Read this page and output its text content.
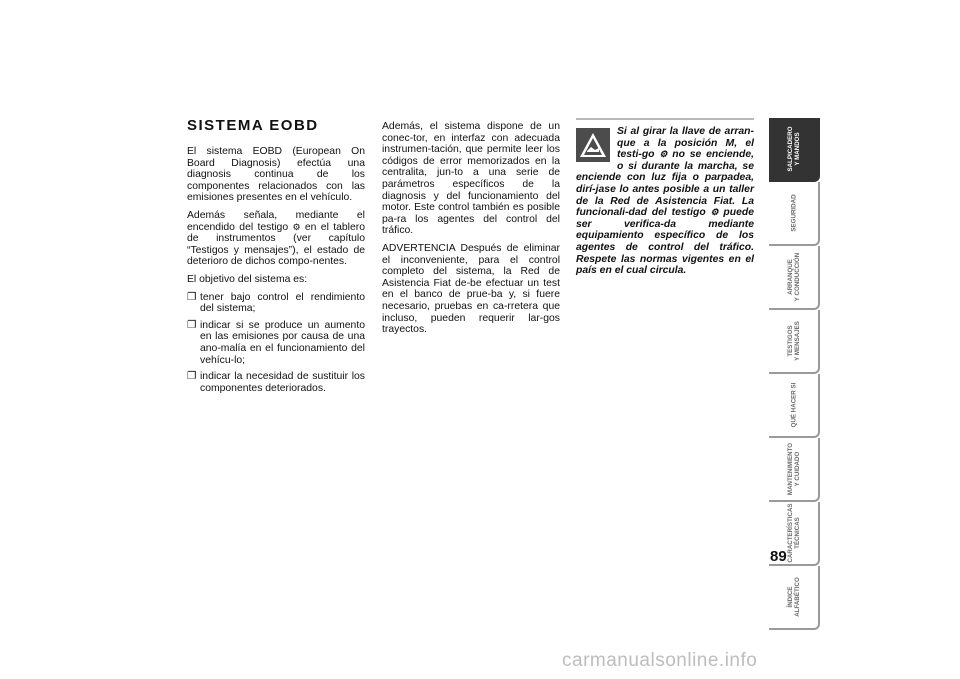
SISTEMA EOBD

El sistema EOBD (European On Board Diagnosis) efectúa una diagnosis continua de los componentes relacionados con las emisiones presentes en el vehículo.

Además señala, mediante el encendido del testigo ⚙ en el tablero de instrumentos (ver capítulo “Testigos y mensajes”), el estado de deterioro de dichos compo-nentes.

El objetivo del sistema es:

❐ tener bajo control el rendimiento del sistema;
❐ indicar si se produce un aumento en las emisiones por causa de una ano-malía en el funcionamiento del vehícu-lo;
❐ indicar la necesidad de sustituir los componentes deteriorados.

Además, el sistema dispone de un conec-tor, en interfaz con adecuada instrumen-tación, que permite leer los códigos de error memorizados en la centralita, jun-to a una serie de parámetros específicos de la diagnosis y del funcionamiento del motor. Este control también es posible pa-ra los agentes del control del tráfico.

ADVERTENCIA Después de eliminar el inconveniente, para el control completo del sistema, la Red de Asistencia Fiat de-be efectuar un test en el banco de prue-ba y, si fuere necesario, pruebas en ca-rretera que incluso, pueden requerir lar-gos trayectos.

Si al girar la llave de arran-que a la posición M, el testi-go ⚙ no se enciende, o si durante la marcha, se enciende con luz fija o parpadea, dirí-jase lo antes posible a un taller de la Red de Asistencia Fiat. La funcionali-dad del testigo ⚙ puede ser verifica-da mediante equipamiento específico de los agentes de control del tráfico. Respete las normas vigentes en el país en el cual circula.

SALPICADERO
Y MANDOS
SEGURIDAD
ARRANQUE
Y CONDUCCIÓN
TESTIGOS
Y MENSAJES
QUÉ HACER SI
MANTENIMIENTO
Y CUIDADO
CARACTERÍSTICAS
TÉCNICAS
ÍNDICE
ALFABÉTICO
89
carmanualsonline.info
